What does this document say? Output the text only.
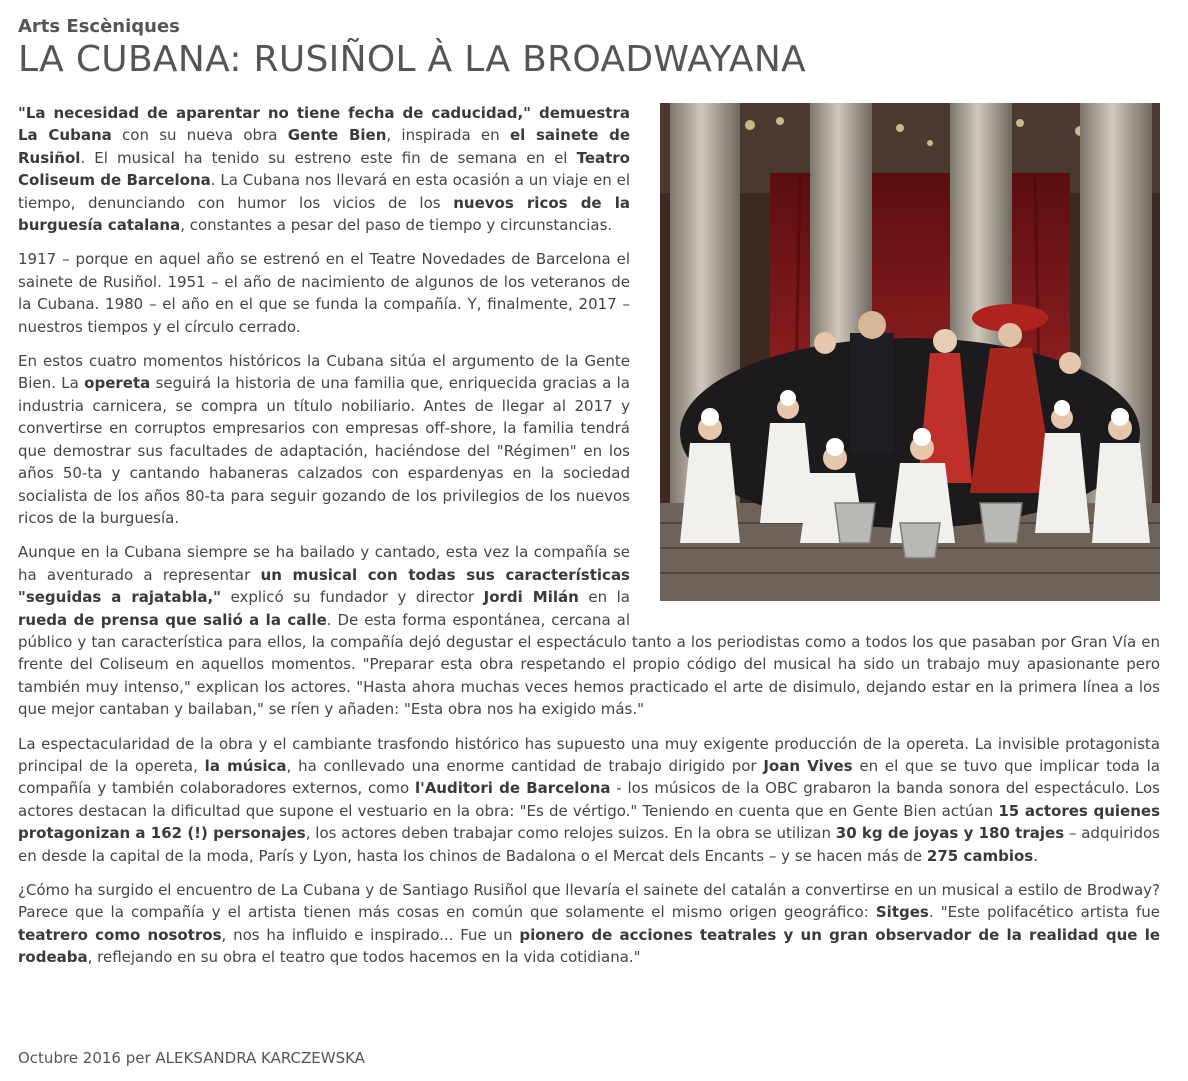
Arts Escèniques

LA CUBANA: RUSIÑOL À LA BROADWAYANA

"La necesidad de aparentar no tiene fecha de caducidad," demuestra La Cubana con su nueva obra Gente Bien, inspirada en el sainete de Rusiñol. El musical ha tenido su estreno este fin de semana en el Teatro Coliseum de Barcelona. La Cubana nos llevará en esta ocasión a un viaje en el tiempo, denunciando con humor los vicios de los nuevos ricos de la burguesía catalana, constantes a pesar del paso de tiempo y circunstancias.

1917 – porque en aquel año se estrenó en el Teatre Novedades de Barcelona el sainete de Rusiñol. 1951 – el año de nacimiento de algunos de los veteranos de la Cubana. 1980 – el año en el que se funda la compañía. Y, finalmente, 2017 – nuestros tiempos y el círculo cerrado.

En estos cuatro momentos históricos la Cubana sitúa el argumento de la Gente Bien. La opereta seguirá la historia de una familia que, enriquecida gracias a la industria carnicera, se compra un título nobiliario. Antes de llegar al 2017 y convertirse en corruptos empresarios con empresas off-shore, la familia tendrá que demostrar sus facultades de adaptación, haciéndose del "Régimen" en los años 50-ta y cantando habaneras calzados con espardenyas en la sociedad socialista de los años 80-ta para seguir gozando de los privilegios de los nuevos ricos de la burguesía.

Aunque en la Cubana siempre se ha bailado y cantado, esta vez la compañía se ha aventurado a representar un musical con todas sus características "seguidas a rajatabla," explicó su fundador y director Jordi Milán en la rueda de prensa que salió a la calle. De esta forma espontánea, cercana al público y tan característica para ellos, la compañía dejó degustar el espectáculo tanto a los periodistas como a todos los que pasaban por Gran Vía en frente del Coliseum en aquellos momentos. "Preparar esta obra respetando el propio código del musical ha sido un trabajo muy apasionante pero también muy intenso," explican los actores. "Hasta ahora muchas veces hemos practicado el arte de disimulo, dejando estar en la primera línea a los que mejor cantaban y bailaban," se ríen y añaden: "Esta obra nos ha exigido más."

La espectacularidad de la obra y el cambiante trasfondo histórico has supuesto una muy exigente producción de la opereta. La invisible protagonista principal de la opereta, la música, ha conllevado una enorme cantidad de trabajo dirigido por Joan Vives en el que se tuvo que implicar toda la compañía y también colaboradores externos, como l'Auditori de Barcelona - los músicos de la OBC grabaron la banda sonora del espectáculo. Los actores destacan la dificultad que supone el vestuario en la obra: "Es de vértigo." Teniendo en cuenta que en Gente Bien actúan 15 actores quienes protagonizan a 162 (!) personajes, los actores deben trabajar como relojes suizos. En la obra se utilizan 30 kg de joyas y 180 trajes – adquiridos en desde la capital de la moda, París y Lyon, hasta los chinos de Badalona o el Mercat dels Encants – y se hacen más de 275 cambios.

¿Cómo ha surgido el encuentro de La Cubana y de Santiago Rusiñol que llevaría el sainete del catalán a convertirse en un musical a estilo de Brodway? Parece que la compañía y el artista tienen más cosas en común que solamente el mismo origen geográfico: Sitges. "Este polifacético artista fue teatrero como nosotros, nos ha influido e inspirado... Fue un pionero de acciones teatrales y un gran observador de la realidad que le rodeaba, reflejando en su obra el teatro que todos hacemos en la vida cotidiana."

Octubre 2016 per ALEKSANDRA KARCZEWSKA
